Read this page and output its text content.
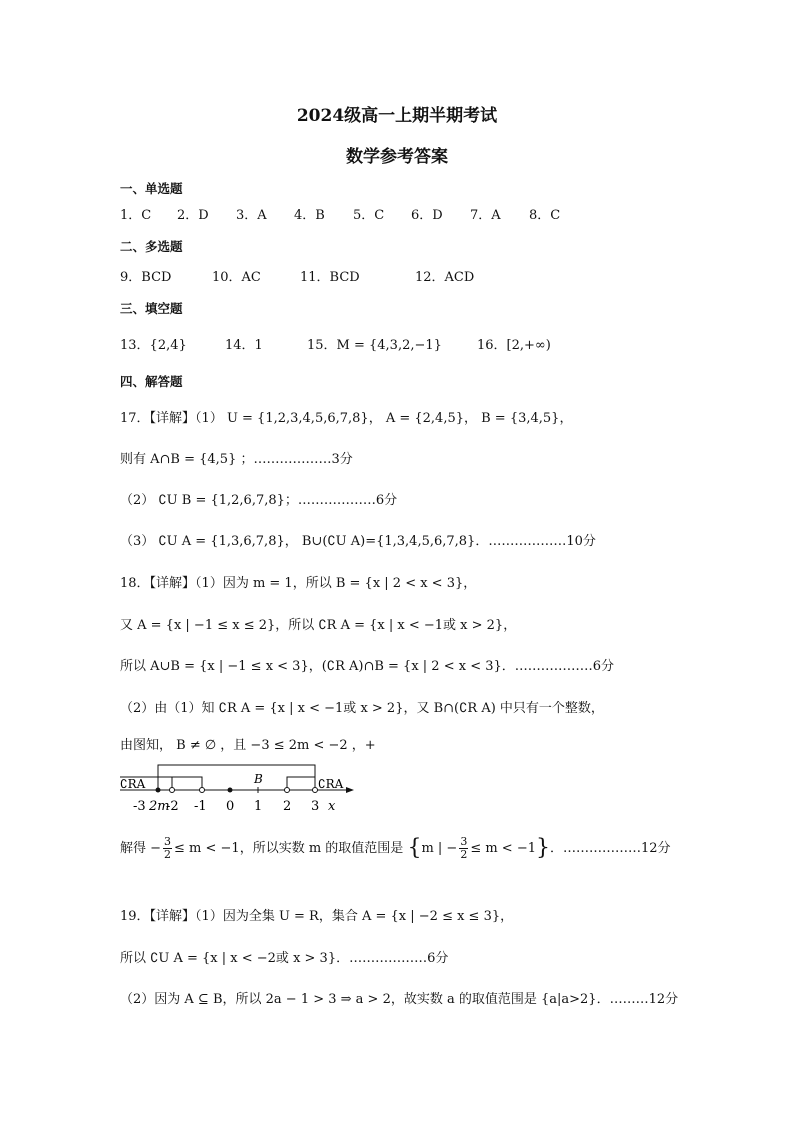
2024级高一上期半期考试
数学参考答案
一、单选题
1．C 2．D 3．A 4．B 5．C 6．D 7．A 8．C
二、多选题
9．BCD	10．AC	11．BCD	12．ACD
三、填空题
13．{2,4}	14．1	15．M = {4,3,2,−1}	16．[2,+∞)
四、解答题
17．【详解】（1） U = {1,2,3,4,5,6,7,8}， A = {2,4,5}， B = {3,4,5}，
则有 A∩B = {4,5} ；………………3分
（2） ∁U B = {1,2,6,7,8}；………………6分
（3） ∁U A = {1,3,6,7,8}， B∪(∁U A)={1,3,4,5,6,7,8}．………………10分
18．【详解】（1）因为 m = 1，所以 B = {x | 2 < x < 3}，
又 A = {x | −1 ≤ x ≤ 2}，所以 ∁R A = {x | x < −1或 x > 2}，
所以 A∪B = {x | −1 ≤ x < 3}，(∁R A)∩B = {x | 2 < x < 3}．………………6分
（2）由（1）知 ∁R A = {x | x < −1或 x > 2}，又 B∩(∁R A) 中只有一个整数，
由图知， B ≠ ∅ ，且 −3 ≤ 2m < −2 ，+
∁RA	∁RA
B
-3 2m
-2 -1 0 1 2 3 x
解得 − $\frac{3}{2} \le m < -1$，所以实数 m 的取值范围是 {m | − $\frac{3}{2} \le m < -1$}．………………12分
19．【详解】（1）因为全集 U = R，集合 A = {x | −2 ≤ x ≤ 3}，
所以 ∁U A = {x | x < −2或 x > 3}．………………6分
（2）因为 A ⊆ B，所以 2a − 1 > 3 ⇒ a > 2，故实数 a 的取值范围是 {a|a>2}．………12分
